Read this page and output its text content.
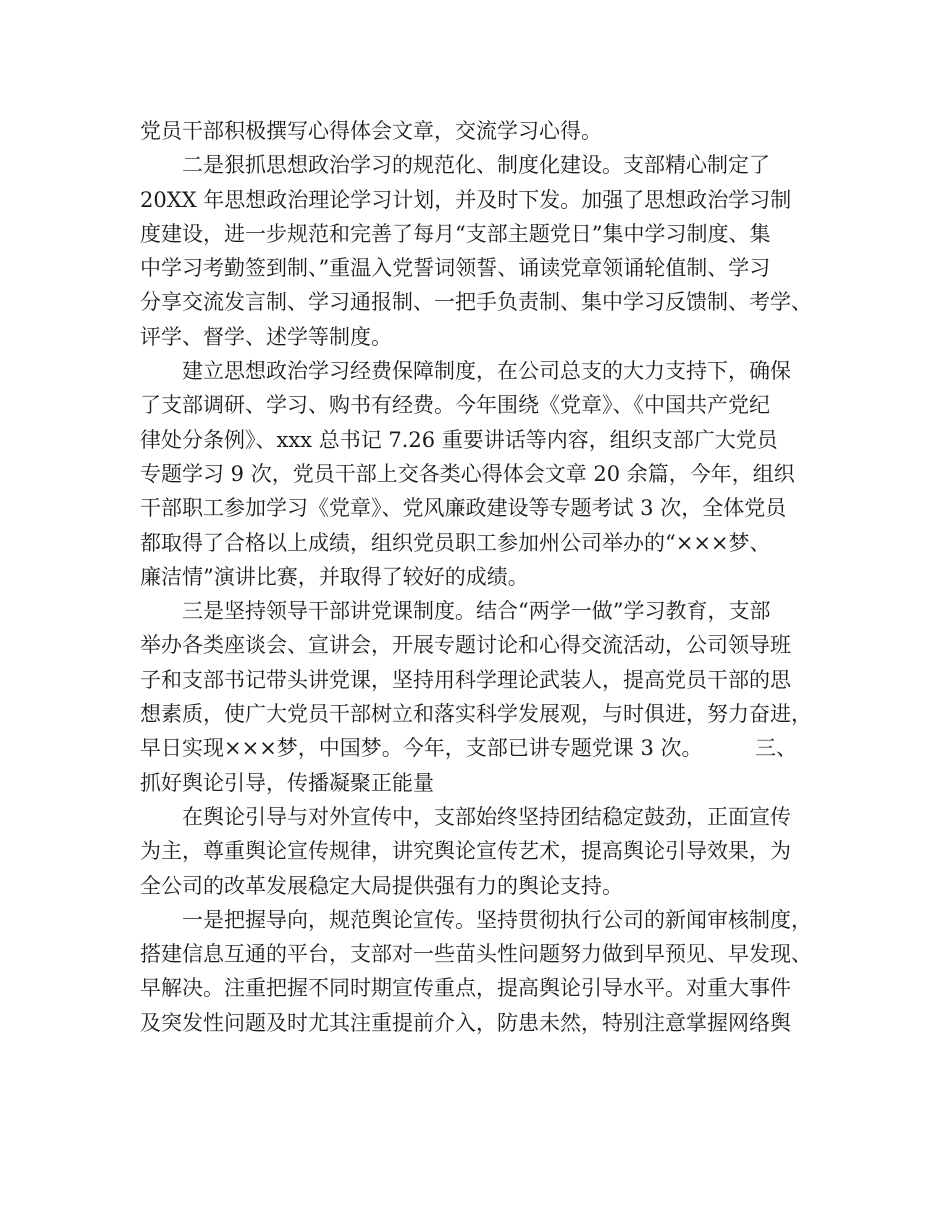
党员干部积极撰写心得体会文章，交流学习心得。
　　二是狠抓思想政治学习的规范化、制度化建设。支部精心制定了
20XX 年思想政治理论学习计划，并及时下发。加强了思想政治学习制
度建设，进一步规范和完善了每月“支部主题党日”集中学习制度、集
中学习考勤签到制、”重温入党誓词领誓、诵读党章领诵轮值制、学习
分享交流发言制、学习通报制、一把手负责制、集中学习反馈制、考学、
评学、督学、述学等制度。
　　建立思想政治学习经费保障制度，在公司总支的大力支持下，确保
了支部调研、学习、购书有经费。今年围绕《党章》、《中国共产党纪
律处分条例》、xxx 总书记 7.26 重要讲话等内容，组织支部广大党员
专题学习 9 次，党员干部上交各类心得体会文章 20 余篇，今年，组织
干部职工参加学习《党章》、党风廉政建设等专题考试 3 次，全体党员
都取得了合格以上成绩，组织党员职工参加州公司举办的“×××梦、
廉洁情”演讲比赛，并取得了较好的成绩。
　　三是坚持领导干部讲党课制度。结合“两学一做”学习教育，支部
举办各类座谈会、宣讲会，开展专题讨论和心得交流活动，公司领导班
子和支部书记带头讲党课，坚持用科学理论武装人，提高党员干部的思
想素质，使广大党员干部树立和落实科学发展观，与时俱进，努力奋进，
早日实现×××梦，中国梦。今年，支部已讲专题党课 3 次。　　　三、
抓好舆论引导，传播凝聚正能量
　　在舆论引导与对外宣传中，支部始终坚持团结稳定鼓劲，正面宣传
为主，尊重舆论宣传规律，讲究舆论宣传艺术，提高舆论引导效果，为
全公司的改革发展稳定大局提供强有力的舆论支持。
　　一是把握导向，规范舆论宣传。坚持贯彻执行公司的新闻审核制度，
搭建信息互通的平台，支部对一些苗头性问题努力做到早预见、早发现、
早解决。注重把握不同时期宣传重点，提高舆论引导水平。对重大事件
及突发性问题及时尤其注重提前介入，防患未然，特别注意掌握网络舆
